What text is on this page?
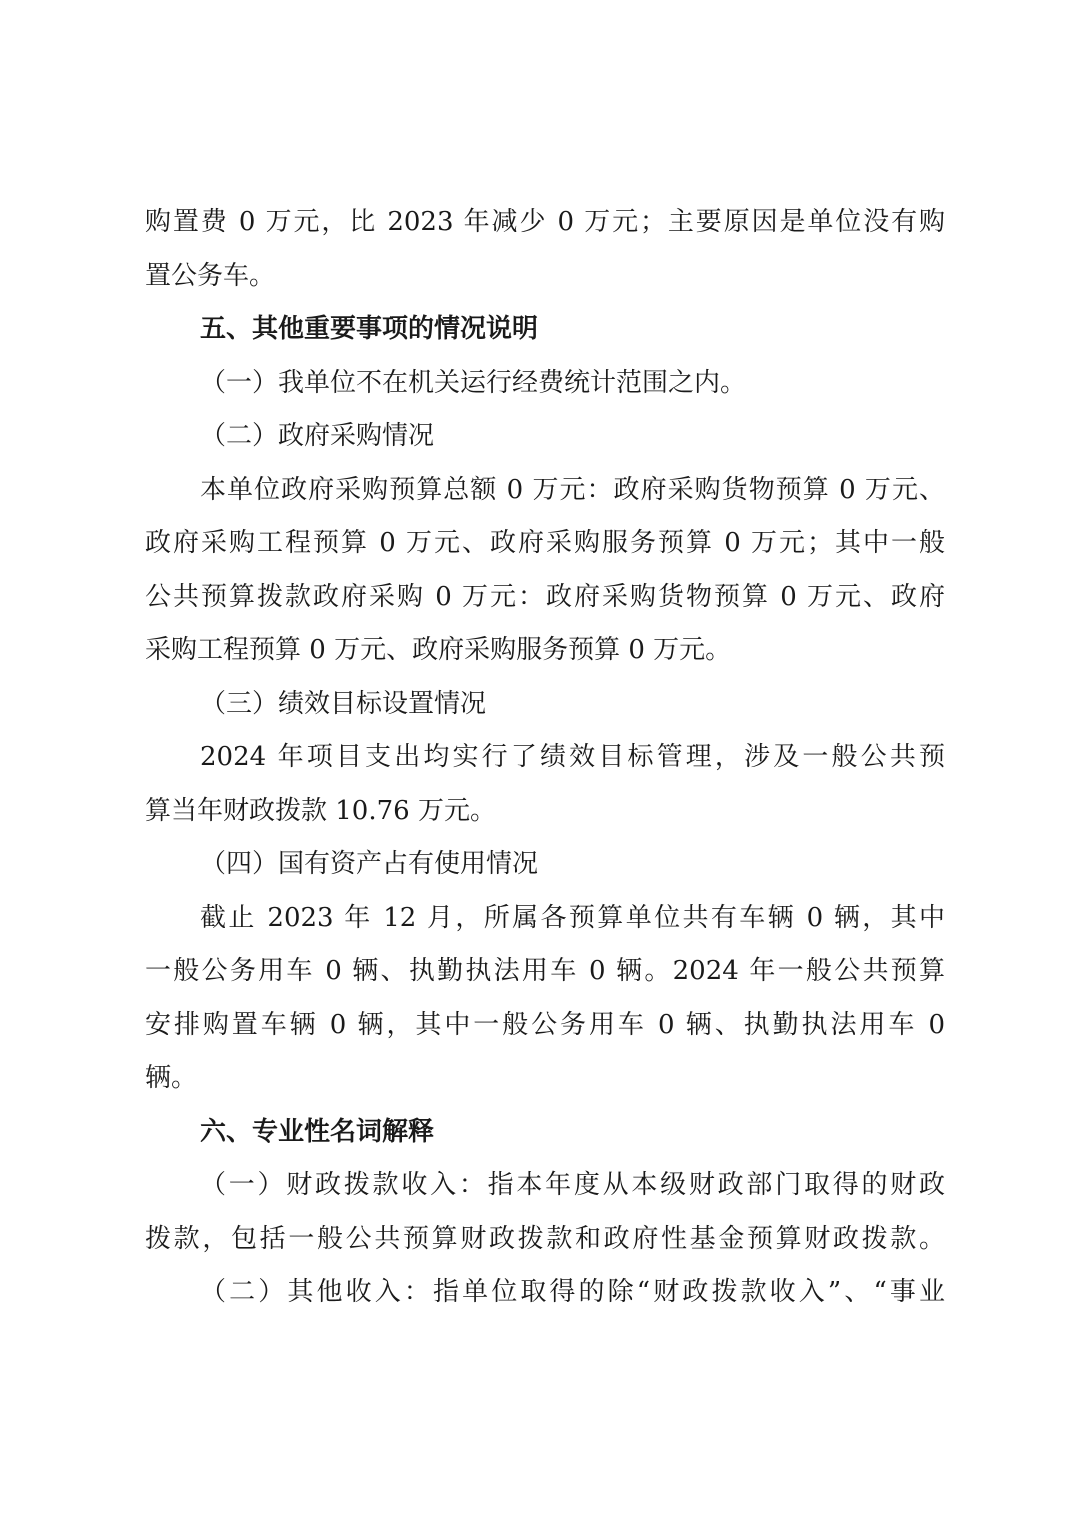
购置费 0 万元，比 2023 年减少 0 万元；主要原因是单位没有购
置公务车。
五、其他重要事项的情况说明
（一）我单位不在机关运行经费统计范围之内。
（二）政府采购情况
本单位政府采购预算总额 0 万元：政府采购货物预算 0 万元、
政府采购工程预算 0 万元、政府采购服务预算 0 万元；其中一般
公共预算拨款政府采购 0 万元：政府采购货物预算 0 万元、政府
采购工程预算 0 万元、政府采购服务预算 0 万元。
（三）绩效目标设置情况
2024 年项目支出均实行了绩效目标管理，涉及一般公共预
算当年财政拨款 10.76 万元。
（四）国有资产占有使用情况
截止 2023 年 12 月，所属各预算单位共有车辆 0 辆，其中
一般公务用车 0 辆、执勤执法用车 0 辆。2024 年一般公共预算
安排购置车辆 0 辆，其中一般公务用车 0 辆、执勤执法用车 0
辆。
六、专业性名词解释
（一）财政拨款收入：指本年度从本级财政部门取得的财政
拨款，包括一般公共预算财政拨款和政府性基金预算财政拨款。
（二）其他收入：指单位取得的除“财政拨款收入”、“事业
